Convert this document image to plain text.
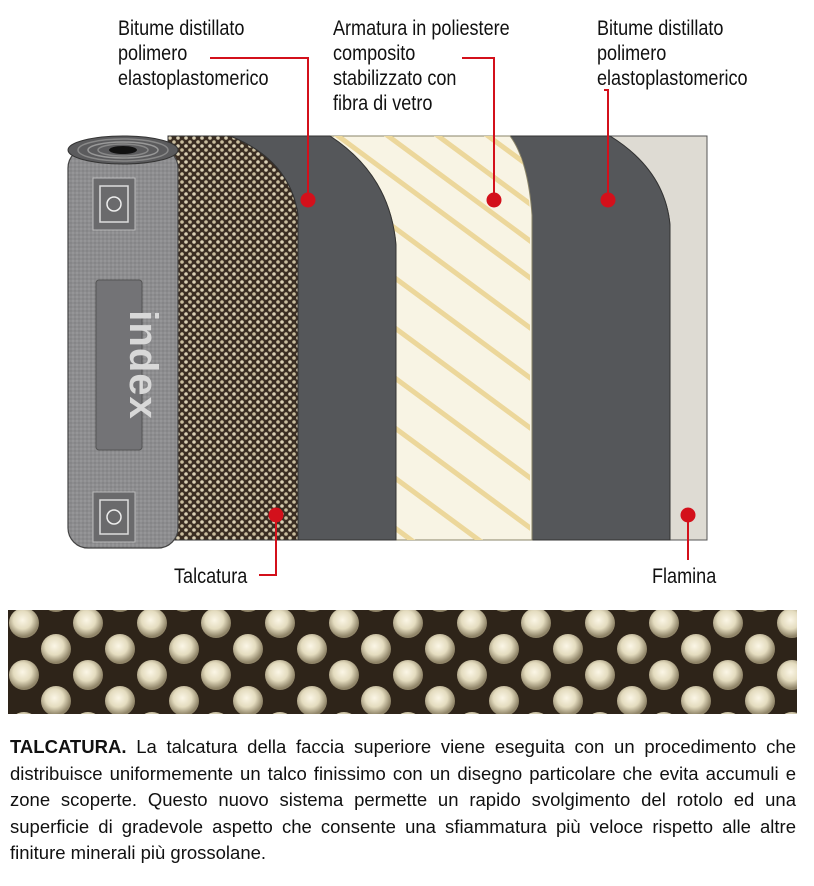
index
Bitume distillato
polimero
elastoplastomerico
Armatura in poliestere
composito
stabilizzato con
fibra di vetro
Bitume distillato
polimero
elastoplastomerico
Talcatura	Flamina
TALCATURA. La talcatura della faccia superiore viene eseguita con un procedimento che distribuisce uniformemente un talco finissimo con un disegno particolare che evita accumuli e zone scoperte. Questo nuovo sistema permette un rapido svolgimento del rotolo ed una superficie di gradevole aspetto che consente una sfiammatura più veloce rispetto alle altre finiture minerali più grossolane.
